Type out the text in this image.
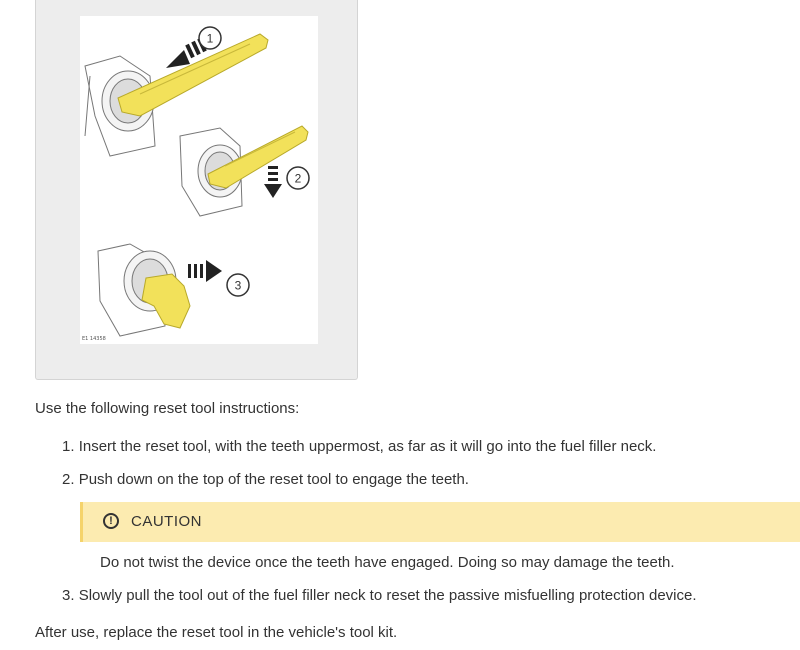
1
2
3
E1 14358

Use the following reset tool instructions:

1. Insert the reset tool, with the teeth uppermost, as far as it will go into the fuel filler neck.

2. Push down on the top of the reset tool to engage the teeth.

!	CAUTION

Do not twist the device once the teeth have engaged. Doing so may damage the teeth.

3. Slowly pull the tool out of the fuel filler neck to reset the passive misfuelling protection device.

After use, replace the reset tool in the vehicle's tool kit.
